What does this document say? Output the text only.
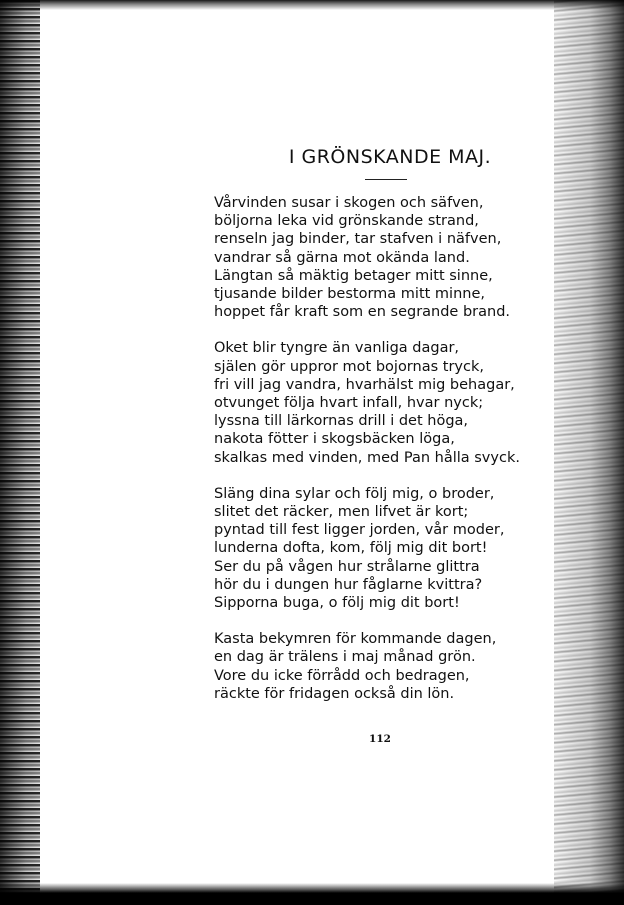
I GRÖNSKANDE MAJ.
Vårvinden susar i skogen och säfven,
böljorna leka vid grönskande strand,
renseln jag binder, tar stafven i näfven,
vandrar så gärna mot okända land.
Längtan så mäktig betager mitt sinne,
tjusande bilder bestorma mitt minne,
hoppet får kraft som en segrande brand.
Oket blir tyngre än vanliga dagar,
själen gör uppror mot bojornas tryck,
fri vill jag vandra, hvarhälst mig behagar,
otvunget följa hvart infall, hvar nyck;
lyssna till lärkornas drill i det höga,
nakota fötter i skogsbäcken löga,
skalkas med vinden, med Pan hålla svyck.
Släng dina sylar och följ mig, o broder,
slitet det räcker, men lifvet är kort;
pyntad till fest ligger jorden, vår moder,
lunderna dofta, kom, följ mig dit bort!
Ser du på vågen hur strålarne glittra
hör du i dungen hur fåglarne kvittra?
Sipporna buga, o följ mig dit bort!
Kasta bekymren för kommande dagen,
en dag är trälens i maj månad grön.
Vore du icke förrådd och bedragen,
räckte för fridagen också din lön.
112
